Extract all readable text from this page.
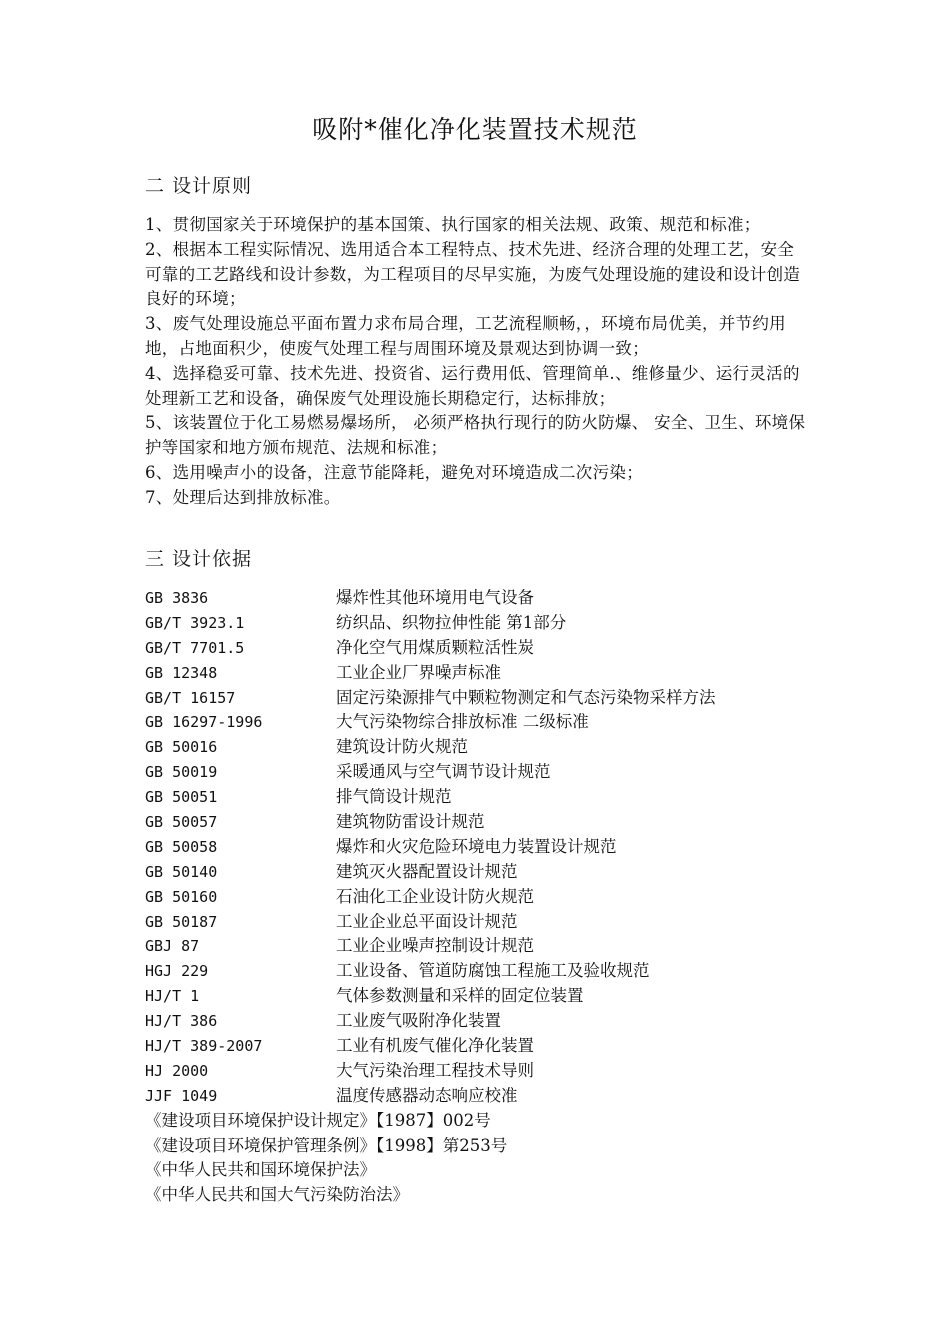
吸附*催化净化装置技术规范
二 设计原则

1、贯彻国家关于环境保护的基本国策、执行国家的相关法规、政策、规范和标准；

2、根据本工程实际情况、选用适合本工程特点、技术先进、经济合理的处理工艺，安全可靠的工艺路线和设计参数，为工程项目的尽早实施，为废气处理设施的建设和设计创造良好的环境；

3、废气处理设施总平面布置力求布局合理，工艺流程顺畅，，环境布局优美，并节约用地，占地面积少，使废气处理工程与周围环境及景观达到协调一致；

4、选择稳妥可靠、技术先进、投资省、运行费用低、管理简单.、维修量少、运行灵活的处理新工艺和设备，确保废气处理设施长期稳定行，达标排放；

5、该装置位于化工易燃易爆场所， 必须严格执行现行的防火防爆、 安全、卫生、环境保护等国家和地方颁布规范、法规和标准；

6、选用噪声小的设备，注意节能降耗，避免对环境造成二次污染；

7、处理后达到排放标准。

三 设计依据
GB 3836	爆炸性其他环境用电气设备
GB/T 3923.1	纺织品、织物拉伸性能 第1部分
GB/T 7701.5	净化空气用煤质颗粒活性炭
GB 12348	工业企业厂界噪声标准
GB/T 16157	固定污染源排气中颗粒物测定和气态污染物采样方法
GB 16297-1996	大气污染物综合排放标准 二级标准
GB 50016	建筑设计防火规范
GB 50019	采暖通风与空气调节设计规范
GB 50051	排气筒设计规范
GB 50057	建筑物防雷设计规范
GB 50058	爆炸和火灾危险环境电力装置设计规范
GB 50140	建筑灭火器配置设计规范
GB 50160	石油化工企业设计防火规范
GB 50187	工业企业总平面设计规范
GBJ 87	工业企业噪声控制设计规范
HGJ 229	工业设备、管道防腐蚀工程施工及验收规范
HJ/T 1	气体参数测量和采样的固定位装置
HJ/T 386	工业废气吸附净化装置
HJ/T 389-2007	工业有机废气催化净化装置
HJ 2000	大气污染治理工程技术导则
JJF 1049	温度传感器动态响应校准
《建设项目环境保护设计规定》【1987】002号
《建设项目环境保护管理条例》【1998】第253号
《中华人民共和国环境保护法》
《中华人民共和国大气污染防治法》
